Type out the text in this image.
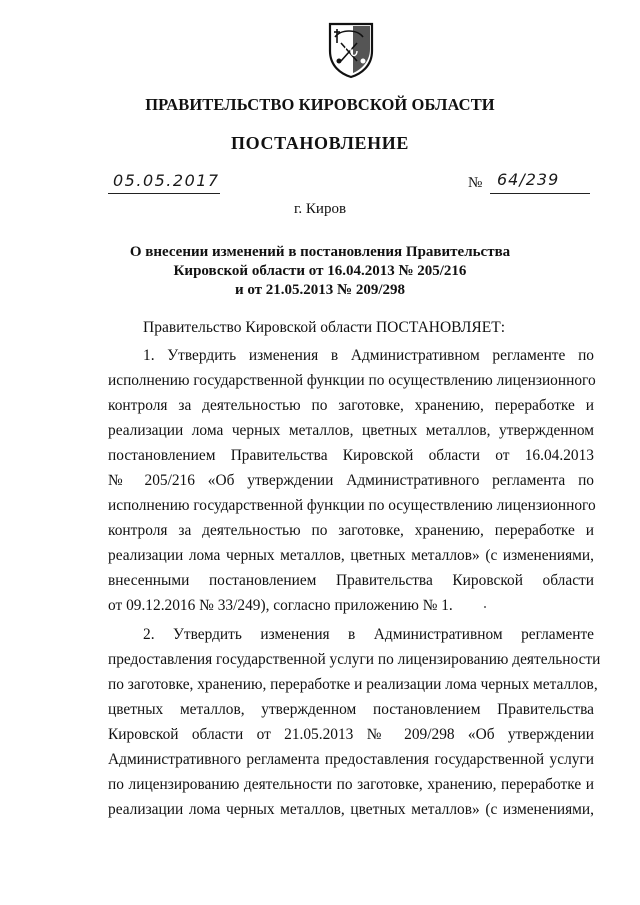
ПРАВИТЕЛЬСТВО КИРОВСКОЙ ОБЛАСТИ
ПОСТАНОВЛЕНИЕ
05.05.2017	№ 64/239
г. Киров
О внесении изменений в постановления Правительства
Кировской области от 16.04.2013 № 205/216
и от 21.05.2013 № 209/298
Правительство Кировской области ПОСТАНОВЛЯЕТ:
1. Утвердить изменения в Административном регламенте по
исполнению государственной функции по осуществлению лицензионного
контроля за деятельностью по заготовке, хранению, переработке и
реализации лома черных металлов, цветных металлов, утвержденном
постановлением Правительства Кировской области от 16.04.2013
№ 205/216 «Об утверждении Административного регламента по
исполнению государственной функции по осуществлению лицензионного
контроля за деятельностью по заготовке, хранению, переработке и
реализации лома черных металлов, цветных металлов» (с изменениями,
внесенными постановлением Правительства Кировской области
от 09.12.2016 № 33/249), согласно приложению № 1.
2. Утвердить изменения в Административном регламенте
предоставления государственной услуги по лицензированию деятельности
по заготовке, хранению, переработке и реализации лома черных металлов,
цветных металлов, утвержденном постановлением Правительства
Кировской области от 21.05.2013 № 209/298 «Об утверждении
Административного регламента предоставления государственной услуги
по лицензированию деятельности по заготовке, хранению, переработке и
реализации лома черных металлов, цветных металлов» (с изменениями,
